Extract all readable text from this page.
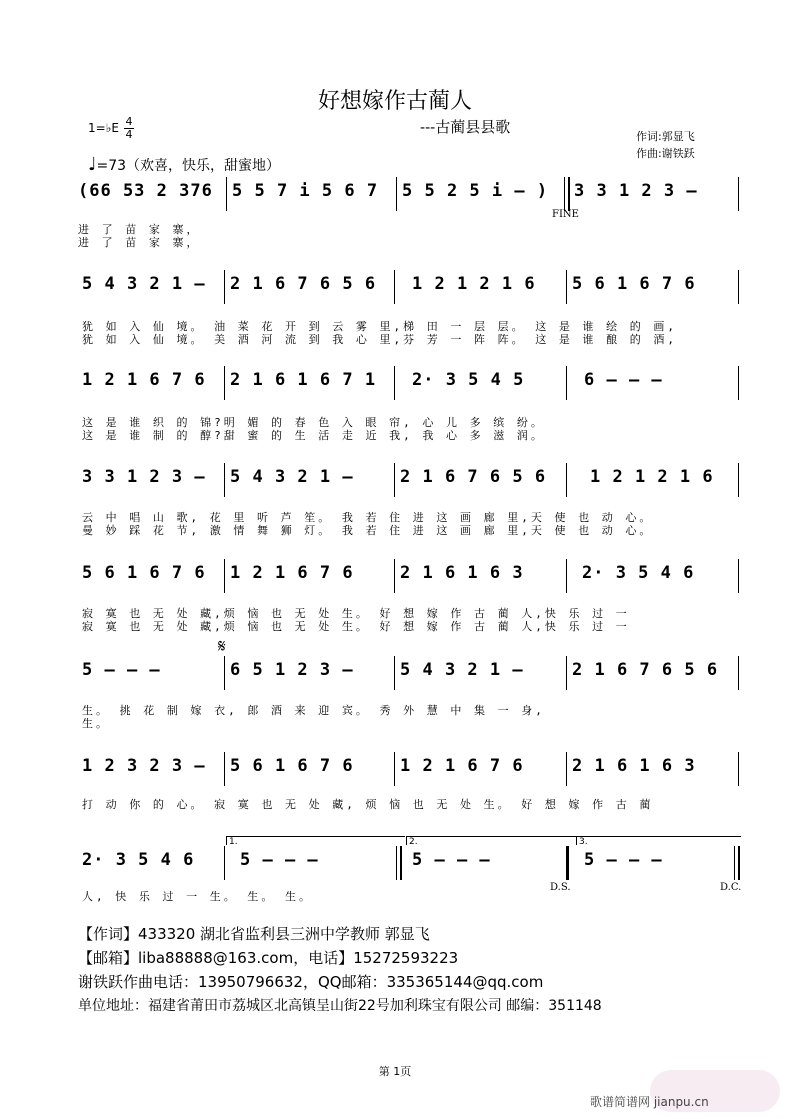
好想嫁作古蔺人
---古蔺县县歌
作词:郭显飞
作曲:谢铁跃
1=♭E 4
4
♩=73（欢喜，快乐，甜蜜地）
(66 53 2 376 5 5 7 i 5 6 7 5 5 2 5 i – ) 3 3 1 2 3 –
FINE
进 了 苗 家 寨，
进 了 苗 家 寨，
5 4 3 2 1 – 2 1 6 7 6 5 6 1 2 1 2 1 6 5 6 1 6 7 6
犹 如 入 仙 境。 油 菜 花 开 到 云 雾 里,梯 田 一 层 层。 这 是 谁 绘 的 画,
犹 如 入 仙 境。 美 酒 河 流 到 我 心 里,芬 芳 一 阵 阵。 这 是 谁 酿 的 酒,
1 2 1 6 7 6 2 1 6 1 6 7 1 2· 3 5 4 5	6 – – –
这 是 谁 织 的 锦?明 媚 的 春 色 入 眼 帘, 心 儿 多 缤 纷。
这 是 谁 制 的 醇?甜 蜜 的 生 活 走 近 我, 我 心 多 滋 润。
3 3 1 2 3 – 5 4 3 2 1 –	2 1 6 7 6 5 6	1 2 1 2 1 6
云 中 唱 山 歌, 花 里 听 芦 笙。 我 若 住 进 这 画 廊 里,天 使 也 动 心。
曼 妙 踩 花 节, 激 情 舞 狮 灯。 我 若 住 进 这 画 廊 里,天 使 也 动 心。
5 6 1 6 7 6 1 2 1 6 7 6	2 1 6 1 6 3	2· 3 5 4 6
寂 寞 也 无 处 藏,烦 恼 也 无 处 生。 好 想 嫁 作 古 蔺 人,快 乐 过 一
寂 寞 也 无 处 藏,烦 恼 也 无 处 生。 好 想 嫁 作 古 蔺 人,快 乐 过 一
𝄋
5 – – –	6 5 1 2 3 –	5 4 3 2 1 –	2 1 6 7 6 5 6
生。 挑 花 制 嫁 衣, 郎 酒 来 迎 宾。 秀 外 慧 中 集 一 身,
生。
1 2 3 2 3 – 5 6 1 6 7 6	1 2 1 6 7 6	2 1 6 1 6 3
打 动 你 的 心。 寂 寞 也 无 处 藏, 烦 恼 也 无 处 生。 好 想 嫁 作 古 蔺
1.	2.	3.
2· 3 5 4 6	5 – – –	5 – – –	5 – – –
D.S.	D.C.
人, 快 乐 过 一 生。 生。 生。
【作词】433320 湖北省监利县三洲中学教师 郭显飞
【邮箱】liba88888@163.com，电话】15272593223
谢铁跃作曲电话：13950796632，QQ邮箱：335365144@qq.com
单位地址：福建省莆田市荔城区北高镇呈山街22号加利珠宝有限公司 邮编：351148
第 1页
歌谱简谱网 jianpu.cn
